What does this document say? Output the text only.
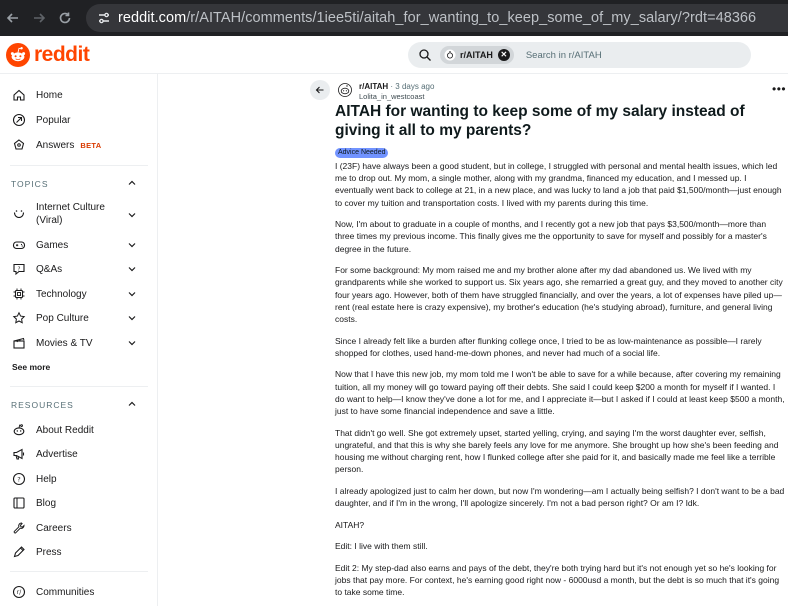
reddit.com/r/AITAH/comments/1iee5ti/aitah_for_wanting_to_keep_some_of_my_salary/?rdt=48366
reddit	r/AITAH ✕ Search in r/AITAH
Home
Popular
Answers BETA
TOPICS
Internet Culture
(Viral)
Games
? Q&As
Technology
Pop Culture
Movies & TV
See more
RESOURCES
About Reddit
Advertise
? Help
Blog
Careers
Press
r/ Communities
r/AITAH · 3 days ago
Lolita_in_westcoast
•••
AITAH for wanting to keep some of my salary instead of giving it all to my parents?
Advice Needed

I (23F) have always been a good student, but in college, I struggled with personal and mental health issues, which led me to drop out. My mom, a single mother, along with my grandma, financed my education, and I messed up. I eventually went back to college at 21, in a new place, and was lucky to land a job that paid $1,500/month—just enough to cover my tuition and transportation costs. I lived with my parents during this time.

Now, I'm about to graduate in a couple of months, and I recently got a new job that pays $3,500/month—more than three times my previous income. This finally gives me the opportunity to save for myself and possibly for a master's degree in the future.

For some background: My mom raised me and my brother alone after my dad abandoned us. We lived with my grandparents while she worked to support us. Six years ago, she remarried a great guy, and they moved to another city four years ago. However, both of them have struggled financially, and over the years, a lot of expenses have piled up—rent (real estate here is crazy expensive), my brother's education (he's studying abroad), furniture, and general living costs.

Since I already felt like a burden after flunking college once, I tried to be as low-maintenance as possible—I rarely shopped for clothes, used hand-me-down phones, and never had much of a social life.

Now that I have this new job, my mom told me I won't be able to save for a while because, after covering my remaining tuition, all my money will go toward paying off their debts. She said I could keep $200 a month for myself if I wanted. I do want to help—I know they've done a lot for me, and I appreciate it—but I asked if I could at least keep $500 a month, just to have some financial independence and save a little.

That didn't go well. She got extremely upset, started yelling, crying, and saying I'm the worst daughter ever, selfish, ungrateful, and that this is why she barely feels any love for me anymore. She brought up how she's been feeding and housing me without charging rent, how I flunked college after she paid for it, and basically made me feel like a terrible person.

I already apologized just to calm her down, but now I'm wondering—am I actually being selfish? I don't want to be a bad daughter, and if I'm in the wrong, I'll apologize sincerely. I'm not a bad person right? Or am I? Idk.

AITAH?

Edit: I live with them still.

Edit 2: My step-dad also earns and pays of the debt, they're both trying hard but it's not enough yet so he's looking for jobs that pay more. For context, he's earning good right now - 6000usd a month, but the debt is so much that it's going to take some time.
